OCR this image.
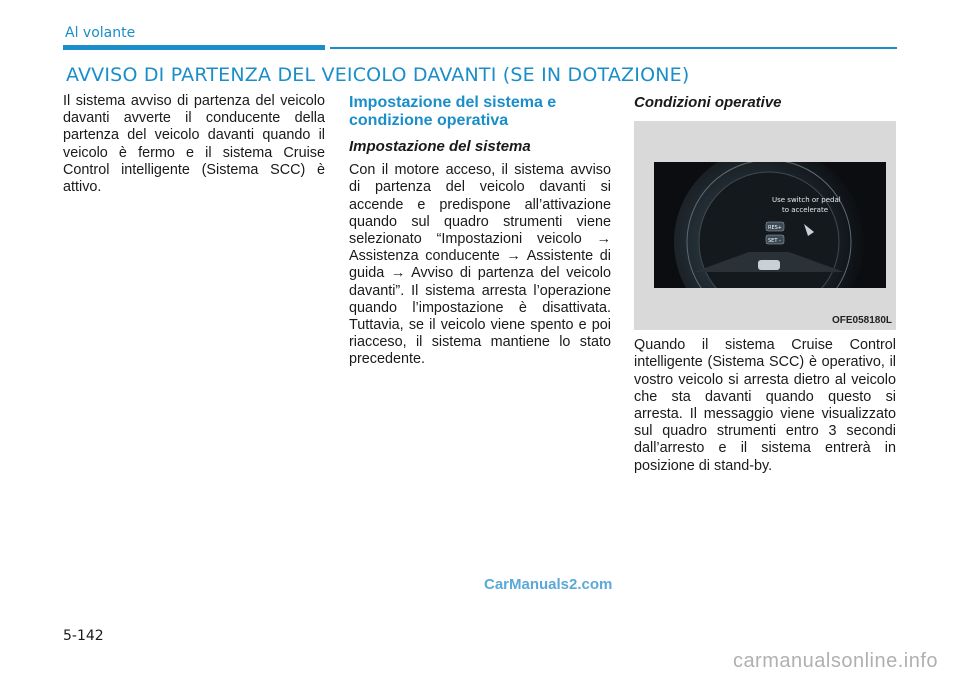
Al volante
AVVISO DI PARTENZA DEL VEICOLO DAVANTI (SE IN DOTAZIONE)

Il sistema avviso di partenza del veicolo davanti avverte il conducente della partenza del veicolo davanti quando il veicolo è fermo e il sistema Cruise Control intelligente (Sistema SCC) è attivo.

Impostazione del sistema e condizione operativa
Impostazione del sistema

Con il motore acceso, il sistema avviso di partenza del veicolo davanti si accende e predispone all’attivazione quando sul quadro strumenti viene selezionato “Impostazioni veicolo → Assistenza conducente → Assistente di guida → Avviso di partenza del veicolo davanti”. Il sistema arresta l’operazione quando l’impostazione è disattivata. Tuttavia, se il veicolo viene spento e poi riacceso, il sistema mantiene lo stato precedente.

Condizioni operative

Quando il sistema Cruise Control intelligente (Sistema SCC) è operativo, il vostro veicolo si arresta dietro al veicolo che sta davanti quando questo si arresta. Il messaggio viene visualizzato sul quadro strumenti entro 3 secondi dall’arresto e il sistema entrerà in posizione di stand-by.

Use switch or pedal
to accelerate
RES+
SET -
OFE058180L
CarManuals2.com
5-142
carmanualsonline.info
